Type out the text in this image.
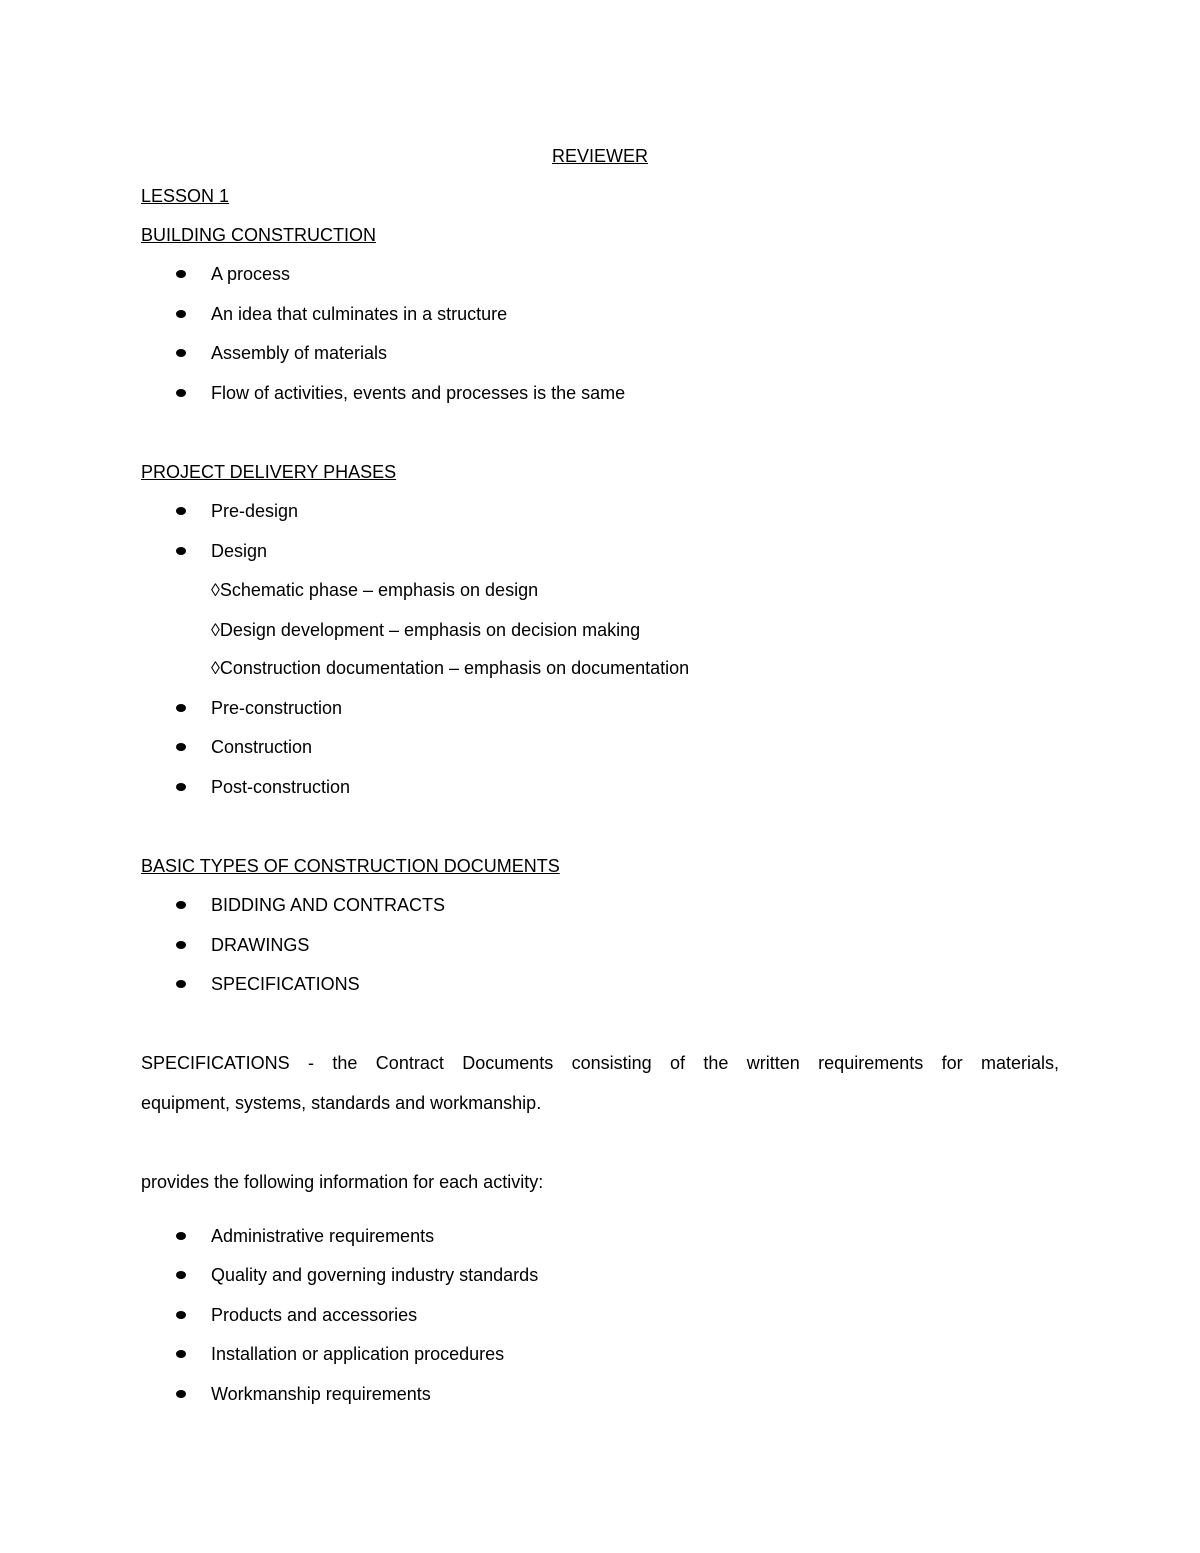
REVIEWER
LESSON 1
BUILDING CONSTRUCTION
A process
An idea that culminates in a structure
Assembly of materials
Flow of activities, events and processes is the same
PROJECT DELIVERY PHASES
Pre-design
Design
◊Schematic phase – emphasis on design
◊Design development – emphasis on decision making
◊Construction documentation – emphasis on documentation
Pre-construction
Construction
Post-construction
BASIC TYPES OF CONSTRUCTION DOCUMENTS
BIDDING AND CONTRACTS
DRAWINGS
SPECIFICATIONS
SPECIFICATIONS - the Contract Documents consisting of the written requirements for materials,
equipment, systems, standards and workmanship.
provides the following information for each activity:
Administrative requirements
Quality and governing industry standards
Products and accessories
Installation or application procedures
Workmanship requirements
